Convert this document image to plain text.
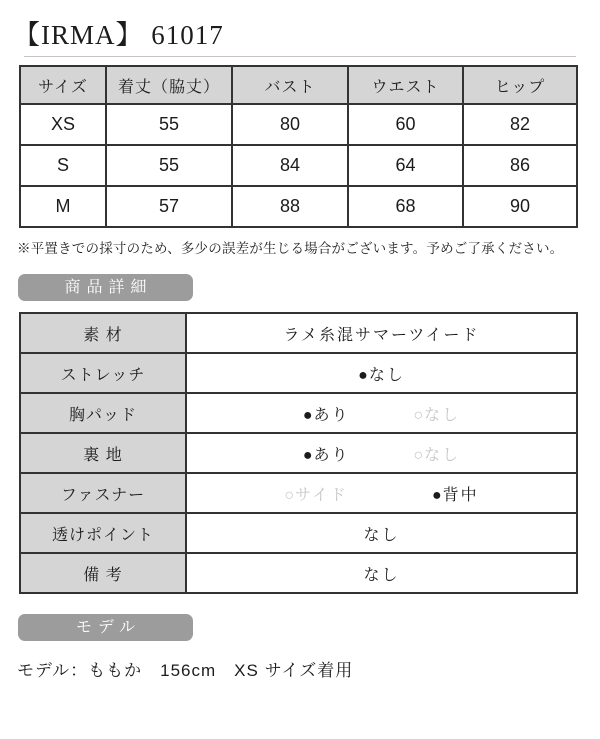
【IRMA】 61017
サイズ	着丈（脇丈）	バスト	ウエスト	ヒップ
XS	55	80	60	82
S	55	84	64	86
M	57	88	68	90

※平置きでの採寸のため、多少の誤差が生じる場合がございます。予めご了承ください。

商品詳細
素 材	ラメ糸混サマーツイード
ストレッチ	●なし

胸パッド	●あり ○なし

裏 地	●あり ○なし

ファスナー	○サイド ●背中

透けポイント	なし
備 考	なし
モデル

モデル：ももか　156cm　XS サイズ着用
